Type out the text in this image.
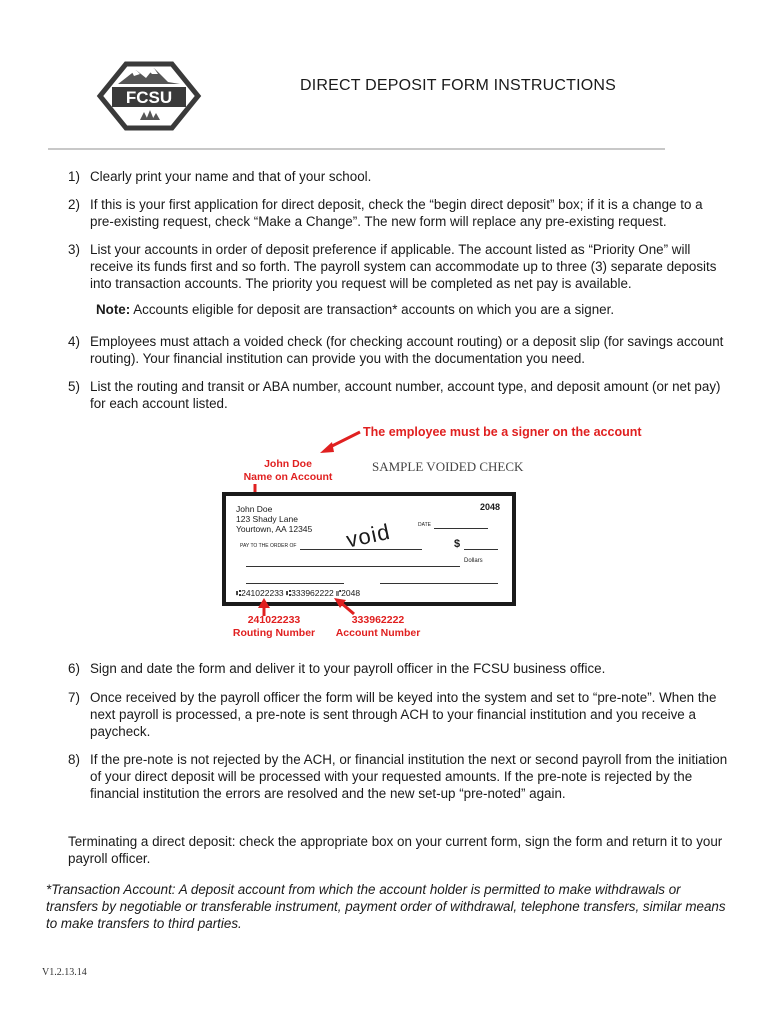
FCSU
DIRECT DEPOSIT FORM INSTRUCTIONS
1) Clearly print your name and that of your school.
2) If this is your first application for direct deposit, check the “begin direct deposit” box; if it is a change to a pre-existing request, check “Make a Change”. The new form will replace any pre-existing request.
3) List your accounts in order of deposit preference if applicable. The account listed as “Priority One” will receive its funds first and so forth. The payroll system can accommodate up to three (3) separate deposits into transaction accounts. The priority you request will be completed as net pay is available.
Note: Accounts eligible for deposit are transaction* accounts on which you are a signer.
4) Employees must attach a voided check (for checking account routing) or a deposit slip (for savings account routing). Your financial institution can provide you with the documentation you need.
5) List the routing and transit or ABA number, account number, account type, and deposit amount (or net pay) for each account listed.
The employee must be a signer on the account
John Doe
Name on Account
SAMPLE VOIDED CHECK
John Doe
123 Shady Lane
Yourtown, AA 12345
2048
DATE
PAY TO THE ORDER OF void	$
Dollars
⑆241022233 ⑆333962222 ⑈2048
241022233
Routing Number
333962222
Account Number
6) Sign and date the form and deliver it to your payroll officer in the FCSU business office.
7) Once received by the payroll officer the form will be keyed into the system and set to “pre-note”. When the next payroll is processed, a pre-note is sent through ACH to your financial institution and you receive a paycheck.
8) If the pre-note is not rejected by the ACH, or financial institution the next or second payroll from the initiation of your direct deposit will be processed with your requested amounts. If the pre-note is rejected by the financial institution the errors are resolved and the new set-up “pre-noted” again.
Terminating a direct deposit: check the appropriate box on your current form, sign the form and return it to your payroll officer.
*Transaction Account: A deposit account from which the account holder is permitted to make withdrawals or transfers by negotiable or transferable instrument, payment order of withdrawal, telephone transfers, similar means to make transfers to third parties.
V1.2.13.14
